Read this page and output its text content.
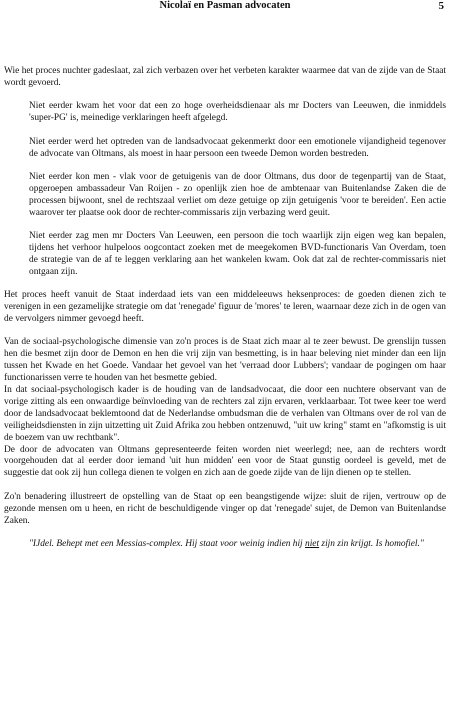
Nicolaï en Pasman advocaten	5

Wie het proces nuchter gadeslaat, zal zich verbazen over het verbeten karakter waarmee dat van de zijde van de Staat wordt gevoerd.

Niet eerder kwam het voor dat een zo hoge overheidsdienaar als mr Docters van Leeuwen, die inmiddels 'super-PG' is, meinedige verklaringen heeft afgelegd.

Niet eerder werd het optreden van de landsadvocaat gekenmerkt door een emotionele vijandigheid tegenover de advocate van Oltmans, als moest in haar persoon een tweede Demon worden bestreden.

Niet eerder kon men - vlak voor de getuigenis van de door Oltmans, dus door de tegenpartij van de Staat, opgeroepen ambassadeur Van Roijen - zo openlijk zien hoe de ambtenaar van Buitenlandse Zaken die de processen bijwoont, snel de rechtszaal verliet om deze getuige op zijn getuigenis 'voor te bereiden'. Een actie waarover ter plaatse ook door de rechter-commissaris zijn verbazing werd geuit.

Niet eerder zag men mr Docters Van Leeuwen, een persoon die toch waarlijk zijn eigen weg kan bepalen, tijdens het verhoor hulpeloos oogcontact zoeken met de meegekomen BVD-functionaris Van Overdam, toen de strategie van de af te leggen verklaring aan het wankelen kwam. Ook dat zal de rechter-commissaris niet ontgaan zijn.

Het proces heeft vanuit de Staat inderdaad iets van een middeleeuws heksenproces: de goeden dienen zich te verenigen in een gezamelijke strategie om dat 'renegade' figuur de 'mores' te leren, waarnaar deze zich in de ogen van de vervolgers nimmer gevoegd heeft.

Van de sociaal-psychologische dimensie van zo'n proces is de Staat zich maar al te zeer bewust. De grenslijn tussen hen die besmet zijn door de Demon en hen die vrij zijn van besmetting, is in haar beleving niet minder dan een lijn tussen het Kwade en het Goede. Vandaar het gevoel van het 'verraad door Lubbers'; vandaar de pogingen om haar functionarissen verre te houden van het besmette gebied.

In dat sociaal-psychologisch kader is de houding van de landsadvocaat, die door een nuchtere observant van de vorige zitting als een onwaardige beïnvloeding van de rechters zal zijn ervaren, verklaarbaar. Tot twee keer toe werd door de landsadvocaat beklemtoond dat de Nederlandse ombudsman die de verhalen van Oltmans over de rol van de veiligheidsdiensten in zijn uitzetting uit Zuid Afrika zou hebben ontzenuwd, "uit uw kring" stamt en "afkomstig is uit de boezem van uw rechtbank".

De door de advocaten van Oltmans gepresenteerde feiten worden niet weerlegd; nee, aan de rechters wordt voorgehouden dat al eerder door iemand 'uit hun midden' een voor de Staat gunstig oordeel is geveld, met de suggestie dat ook zij hun collega dienen te volgen en zich aan de goede zijde van de lijn dienen op te stellen.

Zo'n benadering illustreert de opstelling van de Staat op een beangstigende wijze: sluit de rijen, vertrouw op de gezonde mensen om u heen, en richt de beschuldigende vinger op dat 'renegade' sujet, de Demon van Buitenlandse Zaken.

"IJdel. Behept met een Messias-complex. Hij staat voor weinig indien hij niet zijn zin krijgt. Is homofiel."
